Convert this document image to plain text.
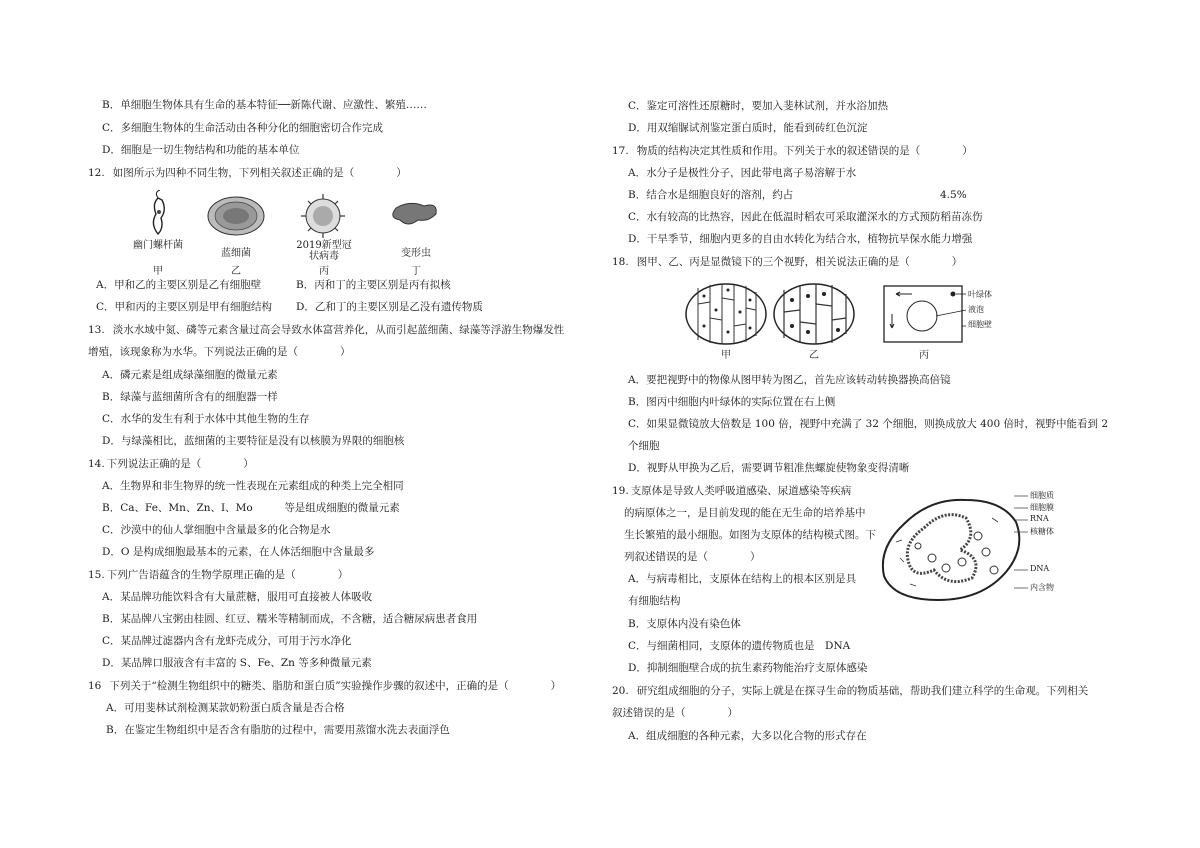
B．单细胞生物体具有生命的基本特征──新陈代谢、应激性、繁殖……
C．多细胞生物体的生命活动由各种分化的细胞密切合作完成
D．细胞是一切生物结构和功能的基本单位
12. 如图所示为四种不同生物，下列相关叙述正确的是（　　　　）
幽门螺杆菌
蓝细菌
2019新型冠状病毒	变形虫
甲	乙	丙	丁
A．甲和乙的主要区别是乙有细胞壁	B．丙和丁的主要区别是丙有拟核
C．甲和丙的主要区别是甲有细胞结构 D．乙和丁的主要区别是乙没有遗传物质
13. 淡水水域中氮、磷等元素含量过高会导致水体富营养化，从而引起蓝细菌、绿藻等浮游生物爆发性
增殖，该现象称为水华。下列说法正确的是（　　　　）
A．磷元素是组成绿藻细胞的微量元素
B．绿藻与蓝细菌所含有的细胞器一样
C．水华的发生有利于水体中其他生物的生存
D．与绿藻相比，蓝细菌的主要特征是没有以核膜为界限的细胞核
14. 下列说法正确的是（　　　　）
A．生物界和非生物界的统一性表现在元素组成的种类上完全相同
B．Ca、Fe、Mn、Zn、I、Mo　　　等是组成细胞的微量元素
C．沙漠中的仙人掌细胞中含量最多的化合物是水
D．O 是构成细胞最基本的元素，在人体活细胞中含量最多
15. 下列广告语蕴含的生物学原理正确的是（　　　　）
A．某品牌功能饮料含有大量蔗糖，服用可直接被人体吸收
B．某品牌八宝粥由桂圆、红豆、糯米等精制而成，不含糖，适合糖尿病患者食用
C．某品牌过滤器内含有龙虾壳成分，可用于污水净化
D．某品牌口服液含有丰富的 S、Fe、Zn 等多种微量元素
16 下列关于“检测生物组织中的糖类、脂肪和蛋白质”实验操作步骤的叙述中，正确的是（　　　　）
A．可用斐林试剂检测某款奶粉蛋白质含量是否合格
B．在鉴定生物组织中是否含有脂肪的过程中，需要用蒸馏水洗去表面浮色
C．鉴定可溶性还原糖时，要加入斐林试剂，并水浴加热
D．用双缩脲试剂鉴定蛋白质时，能看到砖红色沉淀
17. 物质的结构决定其性质和作用。下列关于水的叙述错误的是（　　　　）
A．水分子是极性分子，因此带电离子易溶解于水
B．结合水是细胞良好的溶剂，约占	4.5%
C．水有较高的比热容，因此在低温时稻农可采取灌深水的方式预防稻苗冻伤
D．干旱季节，细胞内更多的自由水转化为结合水，植物抗旱保水能力增强
18. 图甲、乙、丙是显微镜下的三个视野，相关说法正确的是（　　　　）
叶绿体
液泡
细胞壁
甲	乙	丙
A．要把视野中的物像从图甲转为图乙，首先应该转动转换器换高倍镜
B．图丙中细胞内叶绿体的实际位置在右上侧
C．如果显微镜放大倍数是 100 倍，视野中充满了 32 个细胞，则换成放大 400 倍时，视野中能看到 2
个细胞
D．视野从甲换为乙后，需要调节粗准焦螺旋使物象变得清晰
19. 支原体是导致人类呼吸道感染、尿道感染等疾病
的病原体之一，是目前发现的能在无生命的培养基中
生长繁殖的最小细胞。如图为支原体的结构模式图。下
列叙述错误的是（　　　　）
细胞质
细胞膜
RNA
核糖体
DNA
内含物
A．与病毒相比，支原体在结构上的根本区别是具
有细胞结构
B．支原体内没有染色体
C．与细菌相同，支原体的遗传物质也是　DNA
D．抑制细胞壁合成的抗生素药物能治疗支原体感染
20. 研究组成细胞的分子，实际上就是在探寻生命的物质基础，帮助我们建立科学的生命观。下列相关
叙述错误的是（　　　　）
A．组成细胞的各种元素，大多以化合物的形式存在
